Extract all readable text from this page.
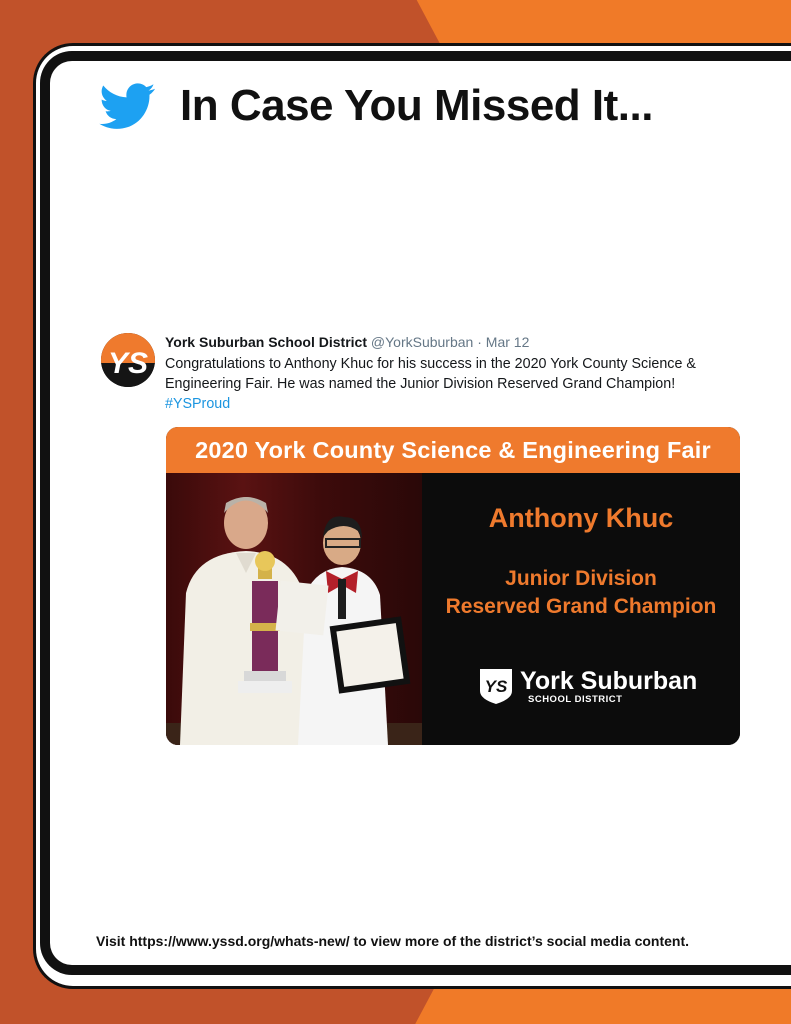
In Case You Missed It...
YS
York Suburban School District @YorkSuburban · Mar 12
Congratulations to Anthony Khuc for his success in the 2020 York County Science & Engineering Fair. He was named the Junior Division Reserved Grand Champion!
#YSProud
2020 York County Science & Engineering Fair
Anthony Khuc
Junior Division
Reserved Grand Champion
YS York Suburban
SCHOOL DISTRICT
Visit https://www.yssd.org/whats-new/ to view more of the district’s social media content.
